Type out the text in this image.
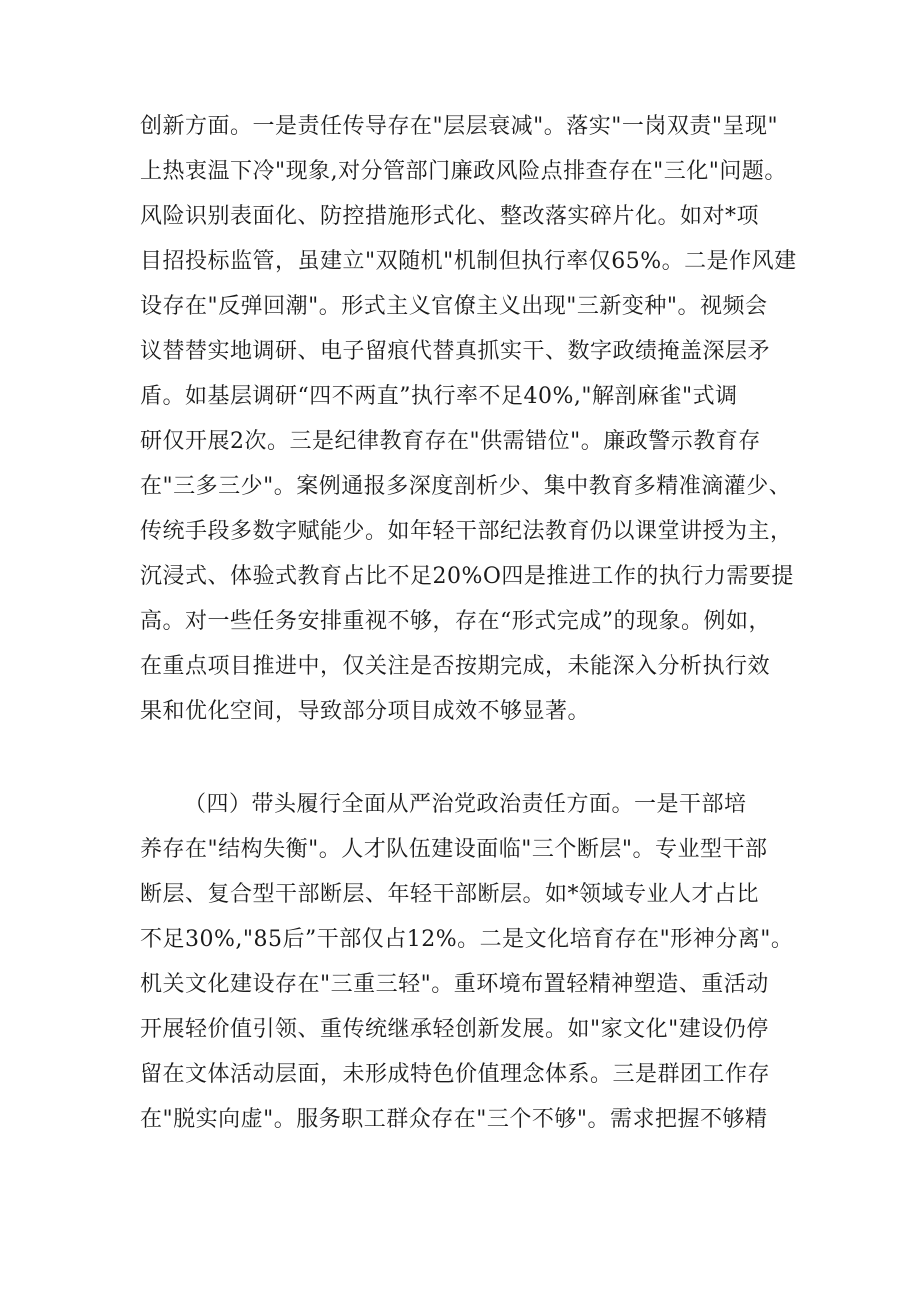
创新方面。一是责任传导存在"层层衰减"。落实"一岗双责"呈现"
上热衷温下冷"现象,对分管部门廉政风险点排查存在"三化"问题。
风险识别表面化、防控措施形式化、整改落实碎片化。如对*项
目招投标监管，虽建立"双随机"机制但执行率仅65%。二是作风建
设存在"反弹回潮"。形式主义官僚主义出现"三新变种"。视频会
议替替实地调研、电子留痕代替真抓实干、数字政绩掩盖深层矛
盾。如基层调研“四不两直”执行率不足40%,"解剖麻雀"式调
研仅开展2次。三是纪律教育存在"供需错位"。廉政警示教育存
在"三多三少"。案例通报多深度剖析少、集中教育多精准滴灌少、
传统手段多数字赋能少。如年轻干部纪法教育仍以课堂讲授为主，
沉浸式、体验式教育占比不足20%O四是推进工作的执行力需要提
高。对一些任务安排重视不够，存在“形式完成”的现象。例如，
在重点项目推进中，仅关注是否按期完成，未能深入分析执行效
果和优化空间，导致部分项目成效不够显著。
（四）带头履行全面从严治党政治责任方面。一是干部培
养存在"结构失衡"。人才队伍建设面临"三个断层"。专业型干部
断层、复合型干部断层、年轻干部断层。如*领域专业人才占比
不足30%,"85后”干部仅占12%。二是文化培育存在"形神分离"。
机关文化建设存在"三重三轻"。重环境布置轻精神塑造、重活动
开展轻价值引领、重传统继承轻创新发展。如"家文化"建设仍停
留在文体活动层面，未形成特色价值理念体系。三是群团工作存
在"脱实向虚"。服务职工群众存在"三个不够"。需求把握不够精
